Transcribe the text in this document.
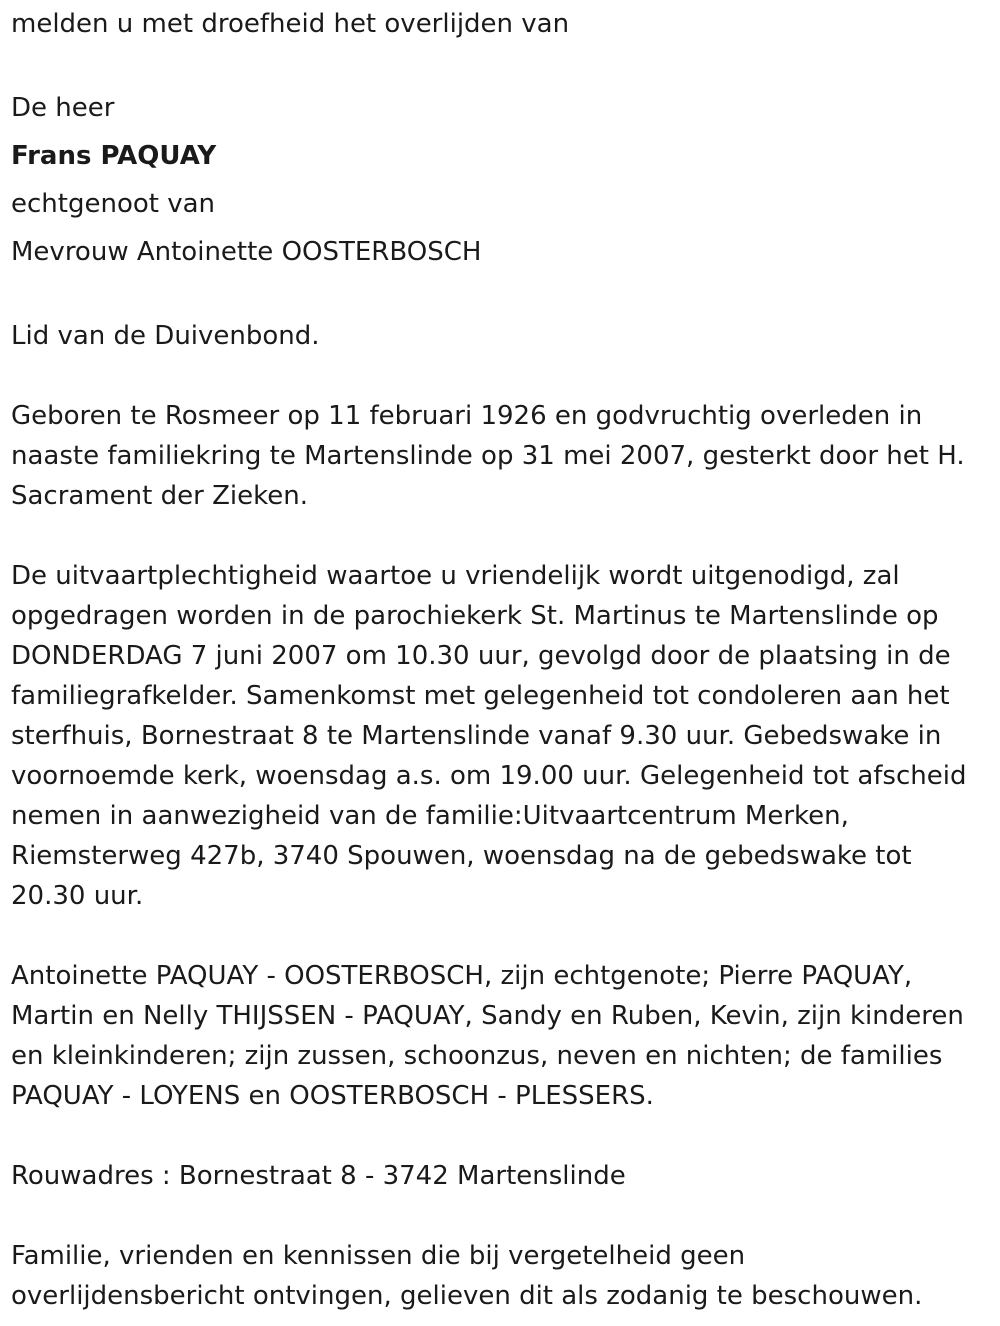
melden u met droefheid het overlijden van
De heer
Frans PAQUAY
echtgenoot van
Mevrouw Antoinette OOSTERBOSCH
Lid van de Duivenbond.
Geboren te Rosmeer op 11 februari 1926 en godvruchtig overleden in
naaste familiekring te Martenslinde op 31 mei 2007, gesterkt door het H.
Sacrament der Zieken.
De uitvaartplechtigheid waartoe u vriendelijk wordt uitgenodigd, zal
opgedragen worden in de parochiekerk St. Martinus te Martenslinde op
DONDERDAG 7 juni 2007 om 10.30 uur, gevolgd door de plaatsing in de
familiegrafkelder. Samenkomst met gelegenheid tot condoleren aan het
sterfhuis, Bornestraat 8 te Martenslinde vanaf 9.30 uur. Gebedswake in
voornoemde kerk, woensdag a.s. om 19.00 uur. Gelegenheid tot afscheid
nemen in aanwezigheid van de familie:Uitvaartcentrum Merken,
Riemsterweg 427b, 3740 Spouwen, woensdag na de gebedswake tot
20.30 uur.
Antoinette PAQUAY - OOSTERBOSCH, zijn echtgenote; Pierre PAQUAY,
Martin en Nelly THIJSSEN - PAQUAY, Sandy en Ruben, Kevin, zijn kinderen
en kleinkinderen; zijn zussen, schoonzus, neven en nichten; de families
PAQUAY - LOYENS en OOSTERBOSCH - PLESSERS.
Rouwadres : Bornestraat 8 - 3742 Martenslinde
Familie, vrienden en kennissen die bij vergetelheid geen
overlijdensbericht ontvingen, gelieven dit als zodanig te beschouwen.
